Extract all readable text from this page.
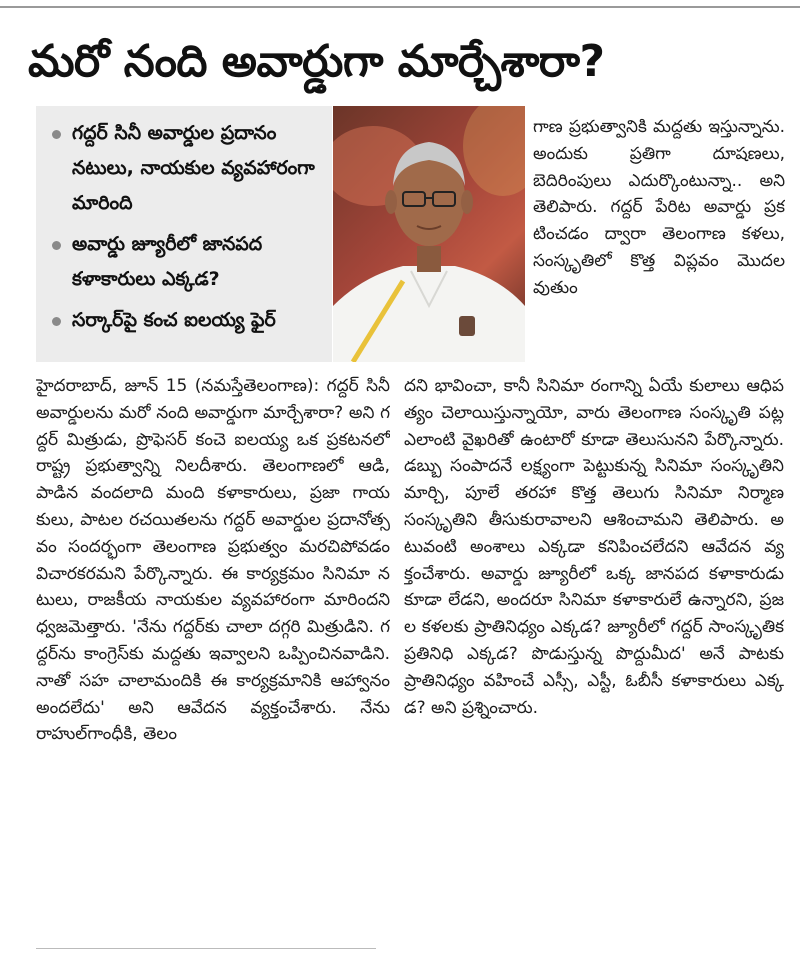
మరో నంది అవార్డుగా మార్చేశారా?
గద్దర్ సినీ అవార్డుల ప్రదానం నటులు, నాయకుల వ్యవహారంగా మారింది
అవార్డు జ్యూరీలో జానపద కళాకారులు ఎక్కడ?
సర్కార్‌పై కంచ ఐలయ్య ఫైర్
హైదరాబాద్, జూన్ 15 (నమస్తేతెలంగాణ): గద్దర్ సినీ అవార్డులను మరో నంది అవార్డుగా మార్చేశారా? అని గద్దర్ మిత్రుడు, ప్రొఫెసర్ కంచె ఐలయ్య ఒక ప్రకటనలో రాష్ట్ర ప్రభుత్వాన్ని నిలదీశారు. తెలంగాణలో ఆడి, పాడిన వందలాది మంది కళాకారులు, ప్రజా గాయకులు, పాటల రచయితలను గద్దర్ అవార్డుల ప్రదానోత్సవం సందర్భంగా తెలంగాణ ప్రభుత్వం మరచిపోవడం విచారకరమని పేర్కొన్నారు. ఈ కార్యక్రమం సినిమా నటులు, రాజకీయ నాయకుల వ్యవహారంగా మారిందని ధ్వజమెత్తారు. 'నేను గద్దర్‌కు చాలా దగ్గరి మిత్రుడిని. గద్దర్‌ను కాంగ్రెస్‌కు మద్దతు ఇవ్వాలని ఒప్పించినవాడిని. నాతో సహ చాలామందికి ఈ కార్యక్రమానికి ఆహ్వానం అందలేదు' అని ఆవేదన వ్యక్తంచేశారు. నేను రాహుల్‌గాంధీకి, తెలం
గాణ ప్రభుత్వానికి మద్దతు ఇస్తున్నాను. అందుకు ప్రతిగా దూషణలు, బెదిరింపులు ఎదుర్కొంటున్నా.. అని తెలిపారు. గద్దర్ పేరిట అవార్డు ప్రకటించడం ద్వారా తెలంగాణ కళలు, సంస్కృతిలో కొత్త విప్లవం మొదలవుతుం
దని భావించా, కానీ సినిమా రంగాన్ని ఏయే కులాలు ఆధిపత్యం చెలాయిస్తున్నాయో, వారు తెలంగాణ సంస్కృతి పట్ల ఎలాంటి వైఖరితో ఉంటారో కూడా తెలుసునని పేర్కొన్నారు. డబ్బు సంపాదనే లక్ష్యంగా పెట్టుకున్న సినిమా సంస్కృతిని మార్చి, పూలే తరహా కొత్త తెలుగు సినిమా నిర్మాణ సంస్కృతిని తీసుకురావాలని ఆశించామని తెలిపారు. అటువంటి అంశాలు ఎక్కడా కనిపించలేదని ఆవేదన వ్యక్తంచేశారు. అవార్డు జ్యూరీలో ఒక్క జానపద కళాకారుడు కూడా లేడని, అందరూ సినిమా కళాకారులే ఉన్నారని, ప్రజల కళలకు ప్రాతినిధ్యం ఎక్కడ? జ్యూరీలో గద్దర్ సాంస్కృతిక ప్రతినిధి ఎక్కడ? పొడుస్తున్న పొద్దుమీద' అనే పాటకు ప్రాతినిధ్యం వహించే ఎస్సీ, ఎస్టీ, ఓబీసీ కళాకారులు ఎక్కడ? అని ప్రశ్నించారు.
